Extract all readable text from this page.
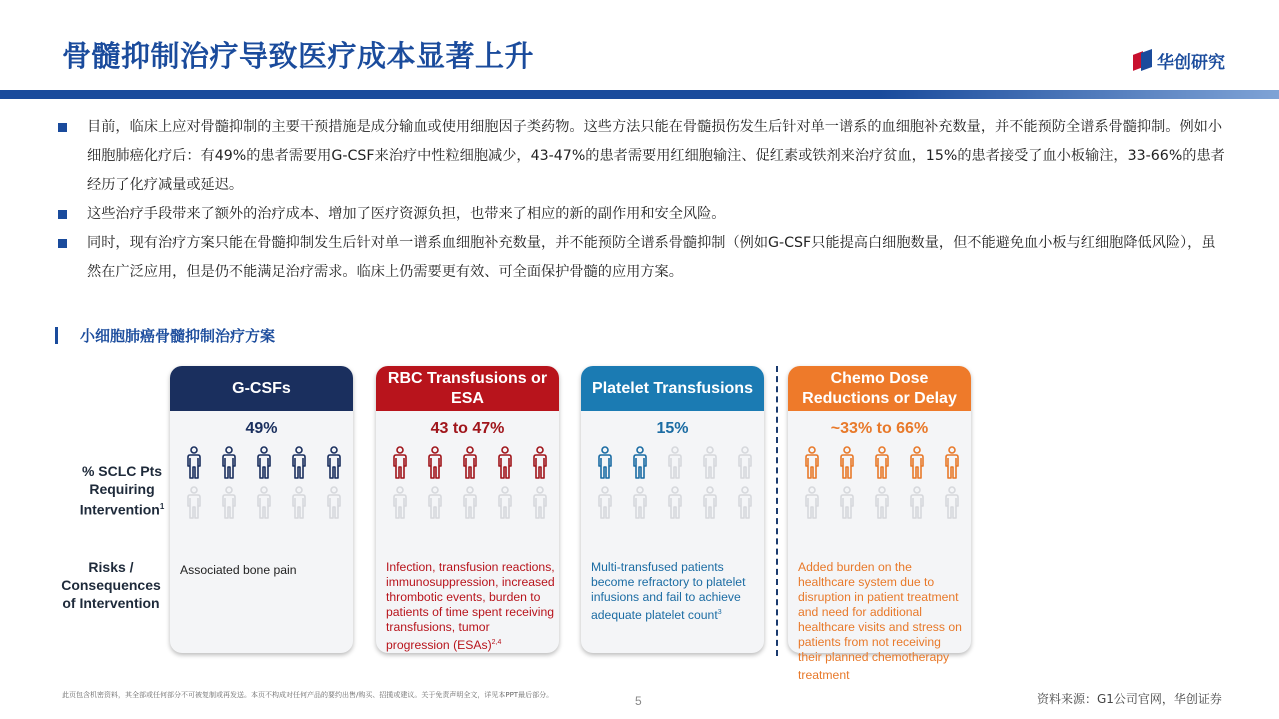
骨髓抑制治疗导致医疗成本显著上升	华创研究
目前，临床上应对骨髓抑制的主要干预措施是成分输血或使用细胞因子类药物。这些方法只能在骨髓损伤发生后针对单一谱系的血细胞补充数量，并不能预防全谱系骨髓抑制。例如小细胞肺癌化疗后：有49%的患者需要用G-CSF来治疗中性粒细胞减少，43-47%的患者需要用红细胞输注、促红素或铁剂来治疗贫血，15%的患者接受了血小板输注，33-66%的患者经历了化疗减量或延迟。
这些治疗手段带来了额外的治疗成本、增加了医疗资源负担，也带来了相应的新的副作用和安全风险。
同时，现有治疗方案只能在骨髓抑制发生后针对单一谱系血细胞补充数量，并不能预防全谱系骨髓抑制（例如G-CSF只能提高白细胞数量，但不能避免血小板与红细胞降低风险），虽然在广泛应用，但是仍不能满足治疗需求。临床上仍需要更有效、可全面保护骨髓的应用方案。
小细胞肺癌骨髓抑制治疗方案
% SCLC Pts Requiring Intervention$^1$
Risks / Consequences of Intervention
G-CSFs
49%
Associated bone pain
RBC Transfusions or ESA
43 to 47%
Infection, transfusion reactions, immunosuppression, increased thrombotic events, burden to patients of time spent receiving transfusions, tumor progression (ESAs)$^{2,4}$
Platelet Transfusions
15%
Multi-transfused patients become refractory to platelet infusions and fail to achieve adequate platelet count$^3$
Chemo Dose Reductions or Delay
~33% to 66%
Added burden on the healthcare system due to disruption in patient treatment and need for additional healthcare visits and stress on patients from not receiving their planned chemotherapy treatment
此页包含机密资料，其全部或任何部分不可被复制或再发送。本页不构成对任何产品的要约出售/购买、招揽或建议。关于免责声明全文，详见本PPT最后部分。	5	资料来源：G1公司官网，华创证券
